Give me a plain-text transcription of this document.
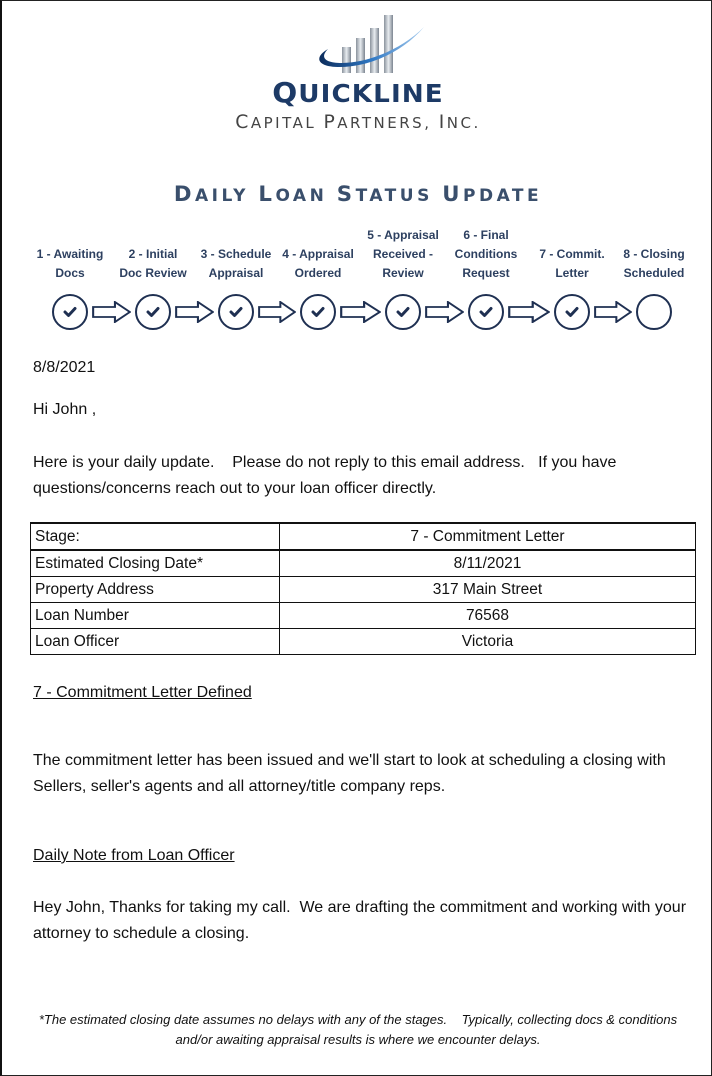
QUICKLINE
CAPITAL PARTNERS, INC.
DAILY LOAN STATUS UPDATE
1 - Awaiting
Docs
2 - Initial
Doc Review
3 - Schedule
Appraisal
4 - Appraisal
Ordered
5 - Appraisal
Received -
Review
6 - Final
Conditions
Request
7 - Commit.
Letter
8 - Closing
Scheduled
8/8/2021
Hi John ,
Here is your daily update.    Please do not reply to this email address.   If you have questions/concerns reach out to your loan officer directly.
Stage:	7 - Commitment Letter
Estimated Closing Date*	8/11/2021
Property Address	317 Main Street
Loan Number	76568
Loan Officer	Victoria
7 - Commitment Letter Defined
The commitment letter has been issued and we'll start to look at scheduling a closing with Sellers, seller's agents and all attorney/title company reps.
Daily Note from Loan Officer
Hey John, Thanks for taking my call.  We are drafting the commitment and working with your attorney to schedule a closing.
*The estimated closing date assumes no delays with any of the stages.    Typically, collecting docs & conditions and/or awaiting appraisal results is where we encounter delays.
